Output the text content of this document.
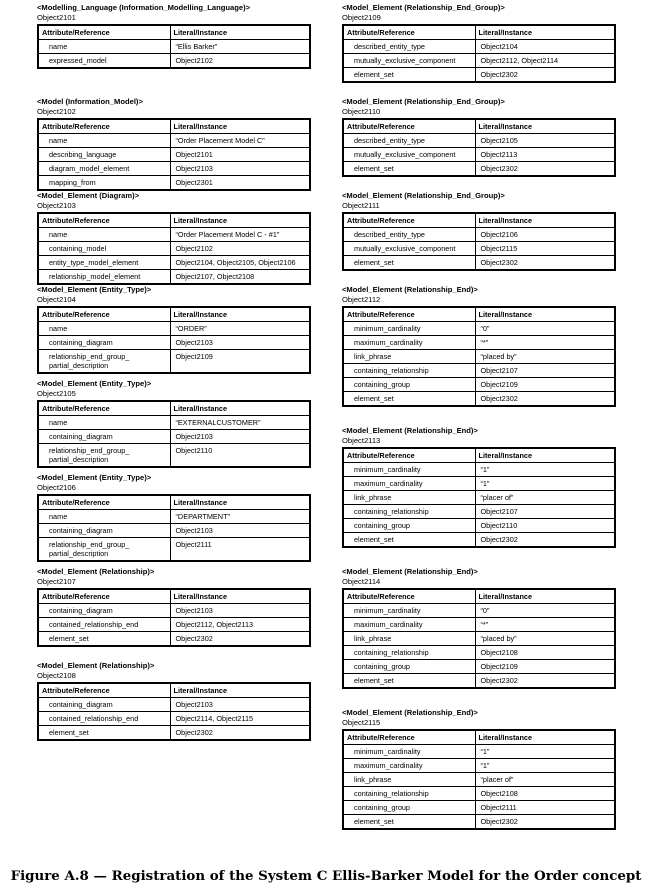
<Modelling_Language (Information_Modelling_Language)>
Object2101
Attribute/Reference	Literal/Instance
name	“Ellis Barker”
expressed_model	Object2102
<Model (Information_Model)>
Object2102
Attribute/Reference	Literal/Instance
name	“Order Placement Model C”
describing_language	Object2101
diagram_model_element	Object2103
mapping_from	Object2301
<Model_Element (Diagram)>
Object2103
Attribute/Reference	Literal/Instance
name	“Order Placement Model C - #1”
containing_model	Object2102
entity_type_model_element	Object2104, Object2105, Object2106
relationship_model_element	Object2107, Object2108
<Model_Element (Entity_Type)>
Object2104
Attribute/Reference	Literal/Instance
name	“ORDER”
containing_diagram	Object2103
relationship_end_group_ partial_description	Object2109
<Model_Element (Entity_Type)>
Object2105
Attribute/Reference	Literal/Instance
name	“EXTERNALCUSTOMER”
containing_diagram	Object2103
relationship_end_group_ partial_description	Object2110
<Model_Element (Entity_Type)>
Object2106
Attribute/Reference	Literal/Instance
name	“DEPARTMENT”
containing_diagram	Object2103
relationship_end_group_ partial_description	Object2111
<Model_Element (Relationship)>
Object2107
Attribute/Reference	Literal/Instance
containing_diagram	Object2103
contained_relationship_end	Object2112, Object2113
element_set	Object2302
<Model_Element (Relationship)>
Object2108
Attribute/Reference	Literal/Instance
containing_diagram	Object2103
contained_relationship_end	Object2114, Object2115
element_set	Object2302
<Model_Element (Relationship_End_Group)>
Object2109
Attribute/Reference	Literal/Instance
described_entity_type	Object2104
mutually_exclusive_component	Object2112, Object2114
element_set	Object2302
<Model_Element (Relationship_End_Group)>
Object2110
Attribute/Reference	Literal/Instance
described_entity_type	Object2105
mutually_exclusive_component	Object2113
element_set	Object2302
<Model_Element (Relationship_End_Group)>
Object2111
Attribute/Reference	Literal/Instance
described_entity_type	Object2106
mutually_exclusive_component	Object2115
element_set	Object2302
<Model_Element (Relationship_End)>
Object2112
Attribute/Reference	Literal/Instance
minimum_cardinality	“0”
maximum_cardinality	“*”
link_phrase	“placed by”
containing_relationship	Object2107
containing_group	Object2109
element_set	Object2302
<Model_Element (Relationship_End)>
Object2113
Attribute/Reference	Literal/Instance
minimum_cardinality	“1”
maximum_cardinality	“1”
link_phrase	“placer of”
containing_relationship	Object2107
containing_group	Object2110
element_set	Object2302
<Model_Element (Relationship_End)>
Object2114
Attribute/Reference	Literal/Instance
minimum_cardinality	“0”
maximum_cardinality	“*”
link_phrase	“placed by”
containing_relationship	Object2108
containing_group	Object2109
element_set	Object2302
<Model_Element (Relationship_End)>
Object2115
Attribute/Reference	Literal/Instance
minimum_cardinality	“1”
maximum_cardinality	“1”
link_phrase	“placer of”
containing_relationship	Object2108
containing_group	Object2111
element_set	Object2302
Figure A.8 — Registration of the System C Ellis-Barker Model for the Order concept
